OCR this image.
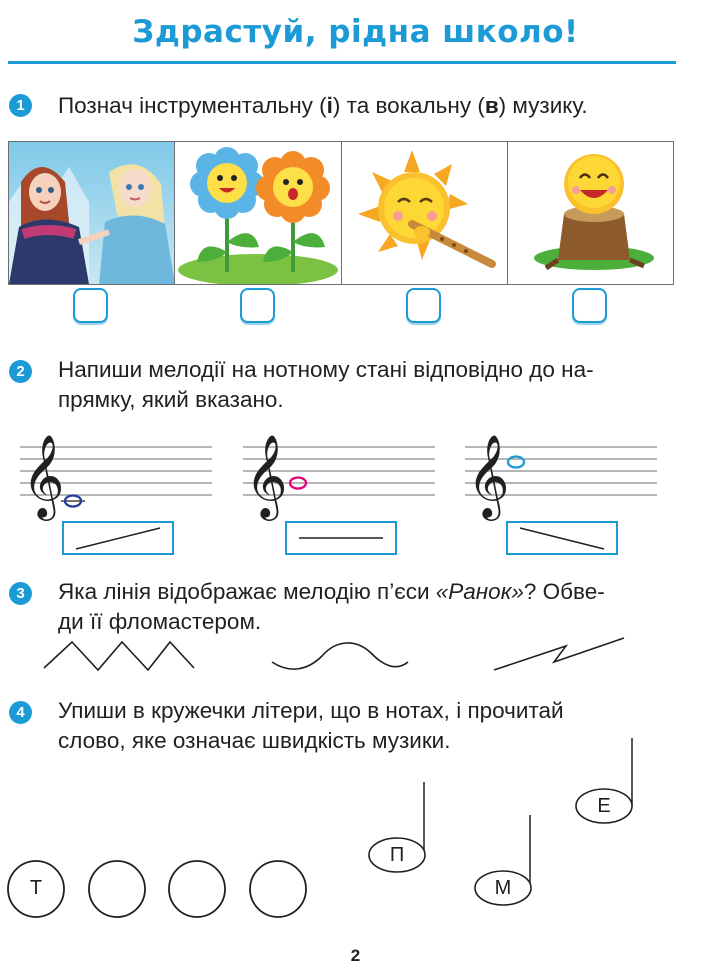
Здрастуй, рідна школо!
1	Познач інструментальну (і) та вокальну (в) музику.
2	Напиши мелодії на нотному стані відповідно до на-
прямку, який вказано.
𝄞	𝄞 𝄞
3	Яка лінія відображає мелодію п’єси «Ранок»? Обве-
ди її фломастером.
4	Упиши в кружечки літери, що в нотах, і прочитай
слово, яке означає швидкість музики.
П
М
Е
Т
2
